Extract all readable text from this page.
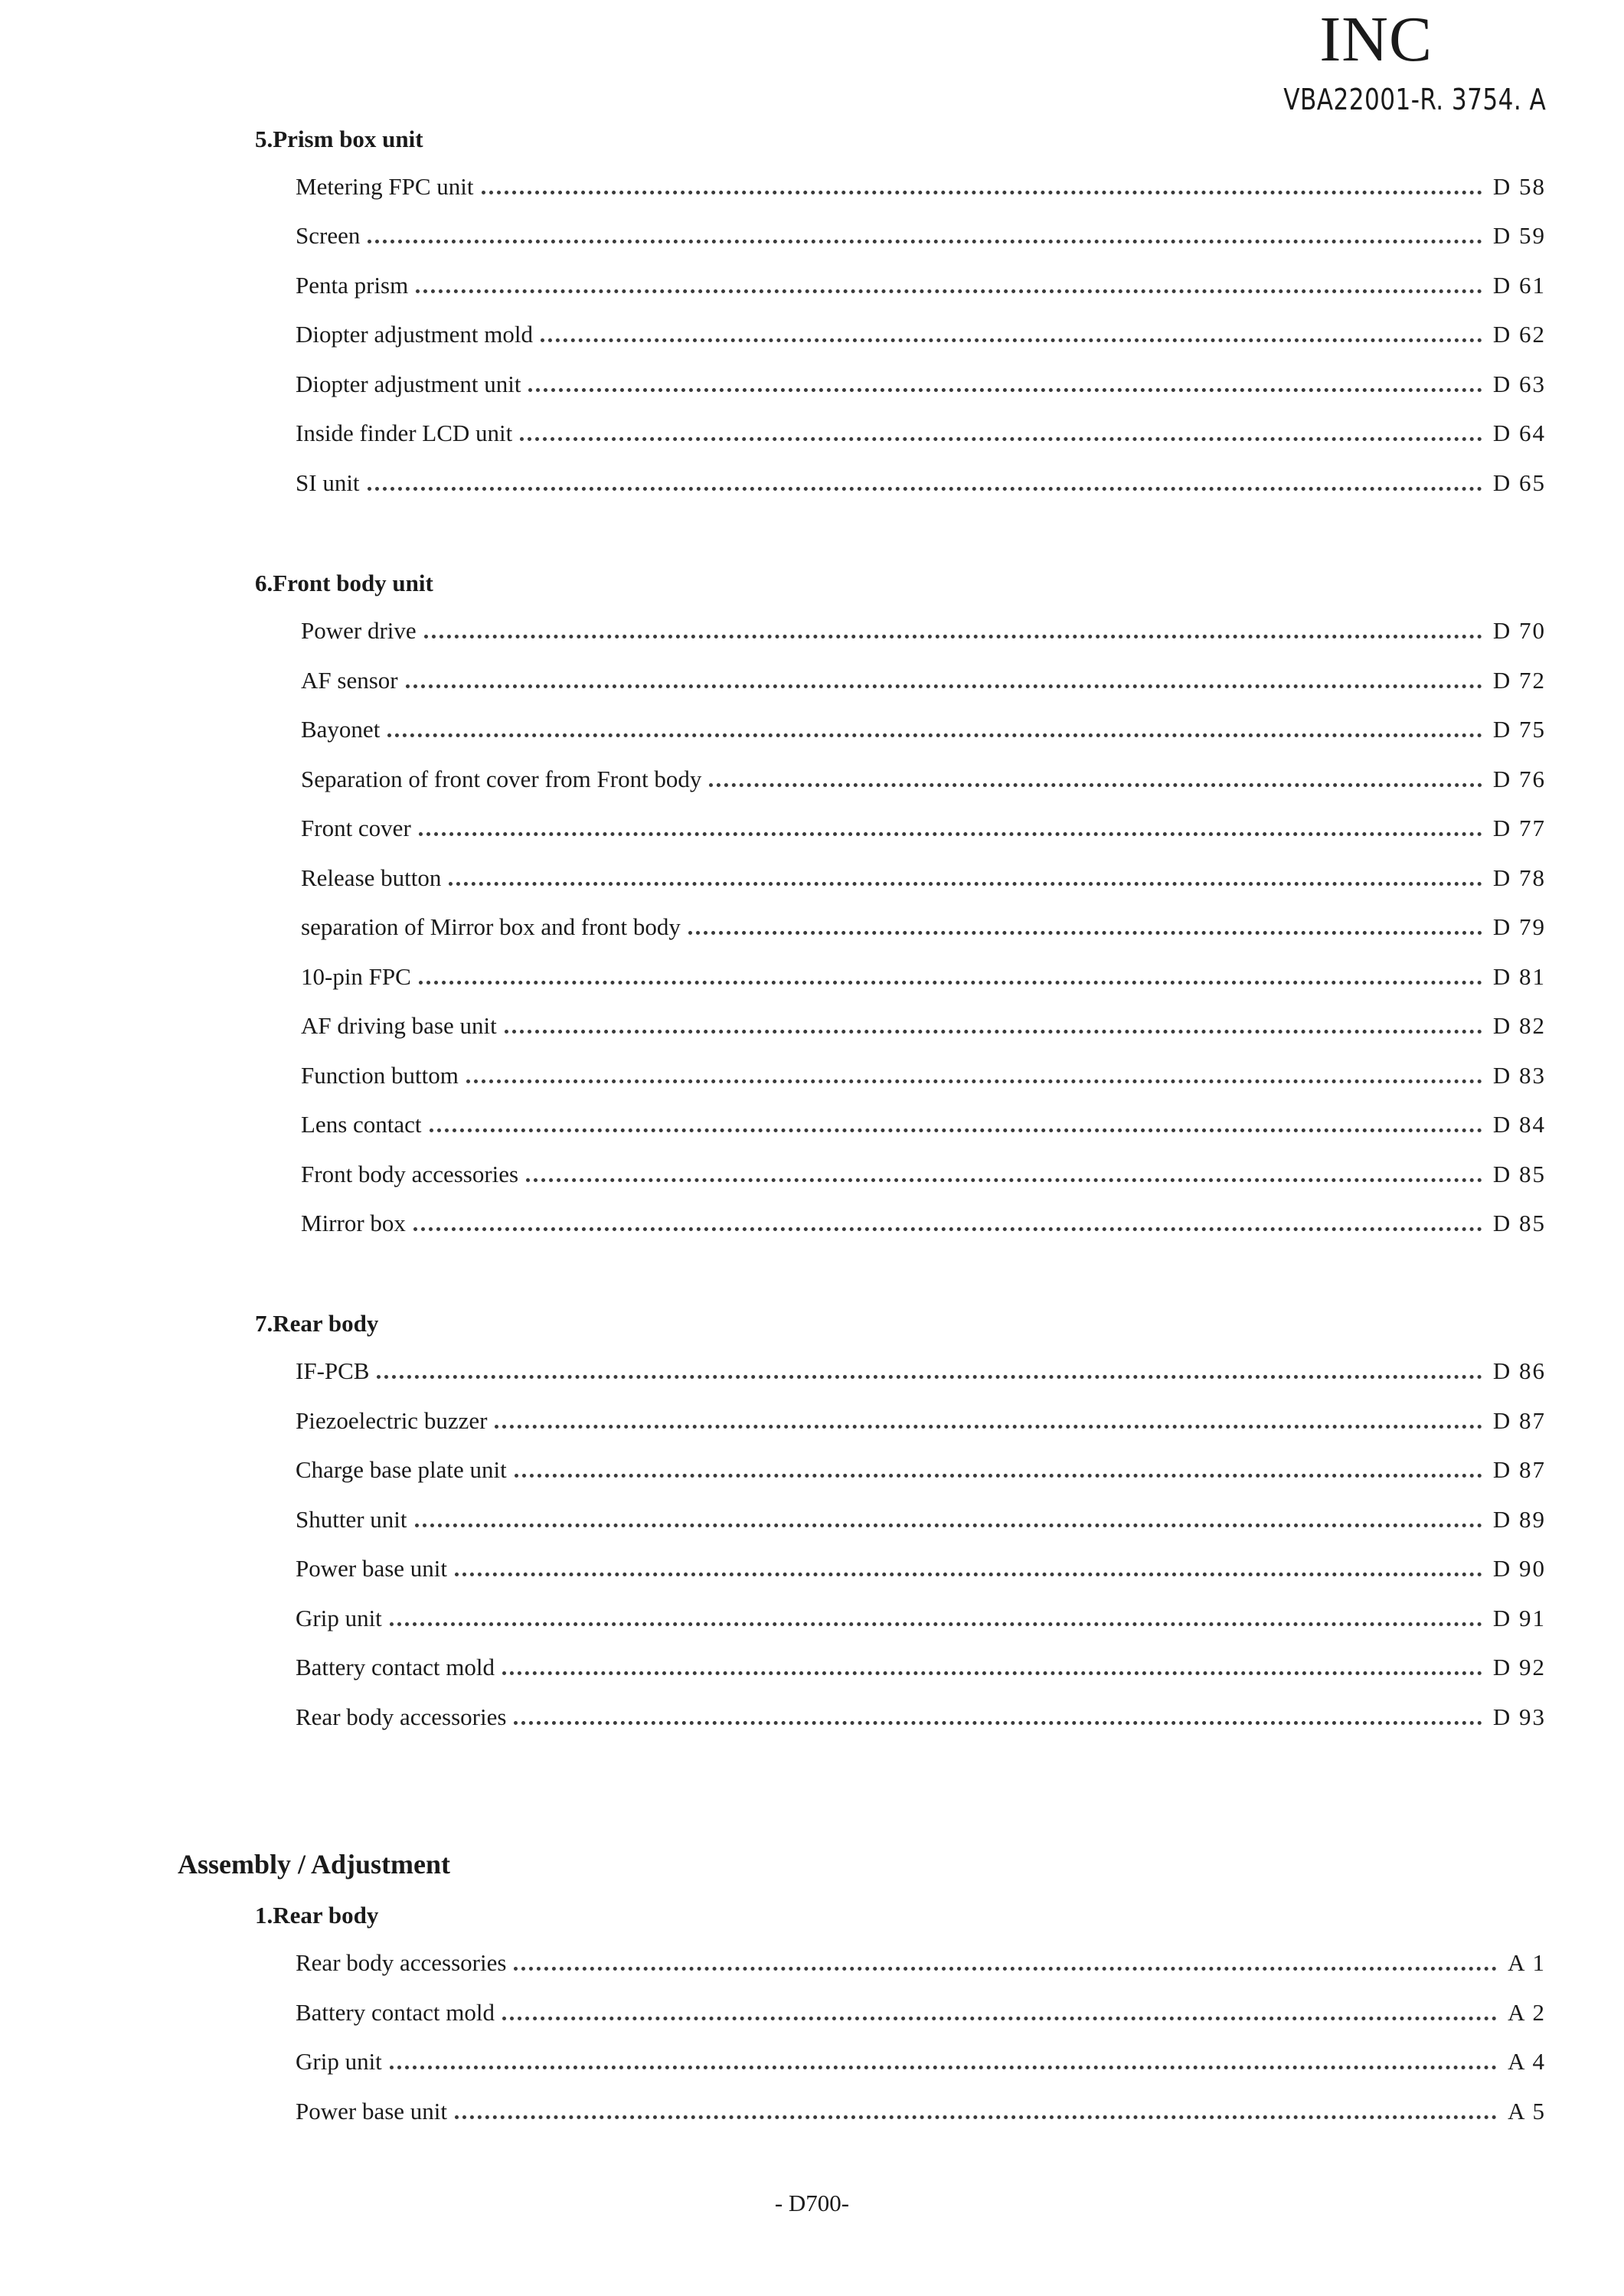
INC
VBA22001-R. 3754. A
5.Prism box unit
Metering FPC unit	D 58
Screen	D 59
Penta prism	D 61
Diopter adjustment mold	D 62
Diopter adjustment unit	D 63
Inside finder LCD unit	D 64
SI unit	D 65
6.Front body unit
Power drive	D 70
AF sensor	D 72
Bayonet	D 75
Separation of front cover from Front body	D 76
Front cover	D 77
Release button	D 78
separation of Mirror box and front body	D 79
10-pin FPC	D 81
AF driving base unit	D 82
Function buttom	D 83
Lens contact	D 84
Front body accessories	D 85
Mirror box	D 85
7.Rear body
IF-PCB	D 86
Piezoelectric buzzer	D 87
Charge base plate unit	D 87
Shutter unit	D 89
Power base unit	D 90
Grip unit	D 91
Battery contact mold	D 92
Rear body accessories	D 93
Assembly / Adjustment
1.Rear body
Rear body accessories	A 1
Battery contact mold	A 2
Grip unit	A 4
Power base unit	A 5
- D700-
